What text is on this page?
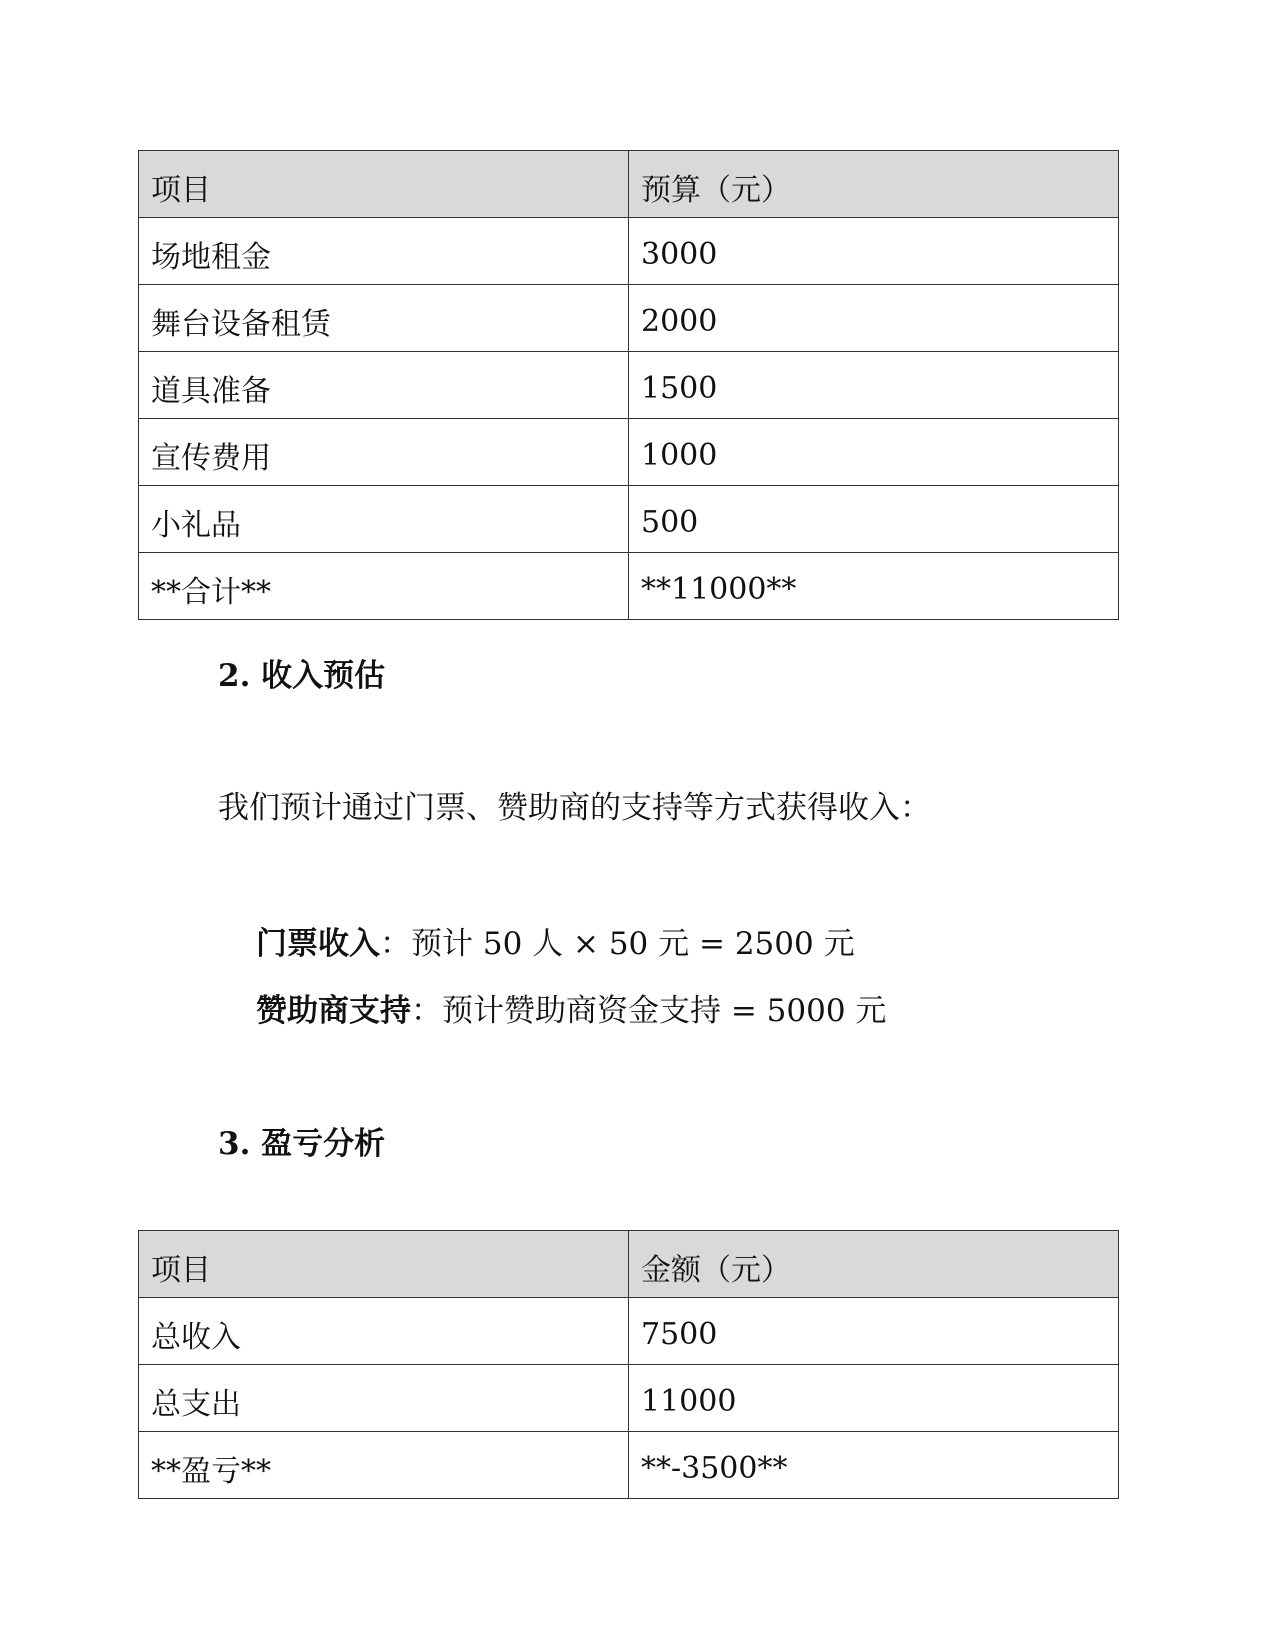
项目	预算（元）
场地租金	3000
舞台设备租赁	2000
道具准备	1500
宣传费用	1000
小礼品	500
**合计**	**11000**
2. 收入预估

我们预计通过门票、赞助商的支持等方式获得收入：

门票收入：预计 50 人 × 50 元 = 2500 元

赞助商支持：预计赞助商资金支持 = 5000 元

3. 盈亏分析
项目	金额（元）
总收入	7500
总支出	11000
**盈亏**	**-3500**
